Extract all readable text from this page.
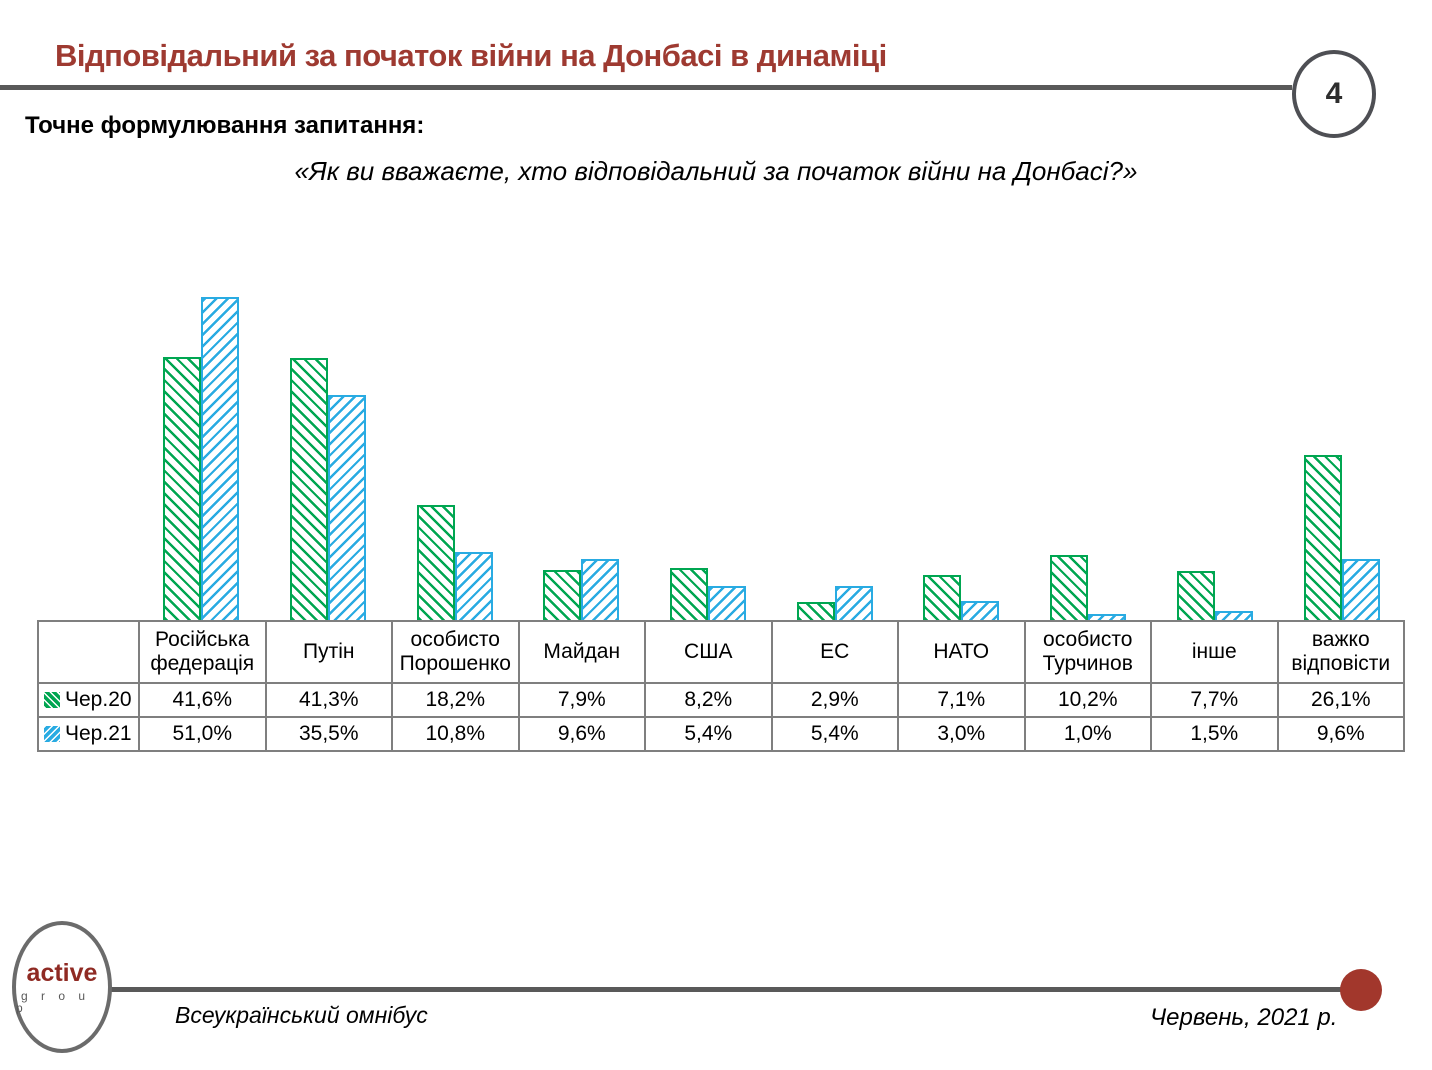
Відповідальний за початок війни на Донбасі в динаміці
4
Точне формулювання запитання:
«Як ви вважаєте, хто відповідальний за початок війни на Донбасі?»
	Російська федерація	Путін	особисто Порошенко	Майдан	США	ЕС	НАТО	особисто Турчинов	інше	важко відповісти
Чер.20	41,6%	41,3%	18,2%	7,9%	8,2%	2,9%	7,1%	10,2%	7,7%	26,1%
Чер.21	51,0%	35,5%	10,8%	9,6%	5,4%	5,4%	3,0%	1,0%	1,5%	9,6%
active
g r o u p	Всеукраїнський омнібус	Червень, 2021 р.
